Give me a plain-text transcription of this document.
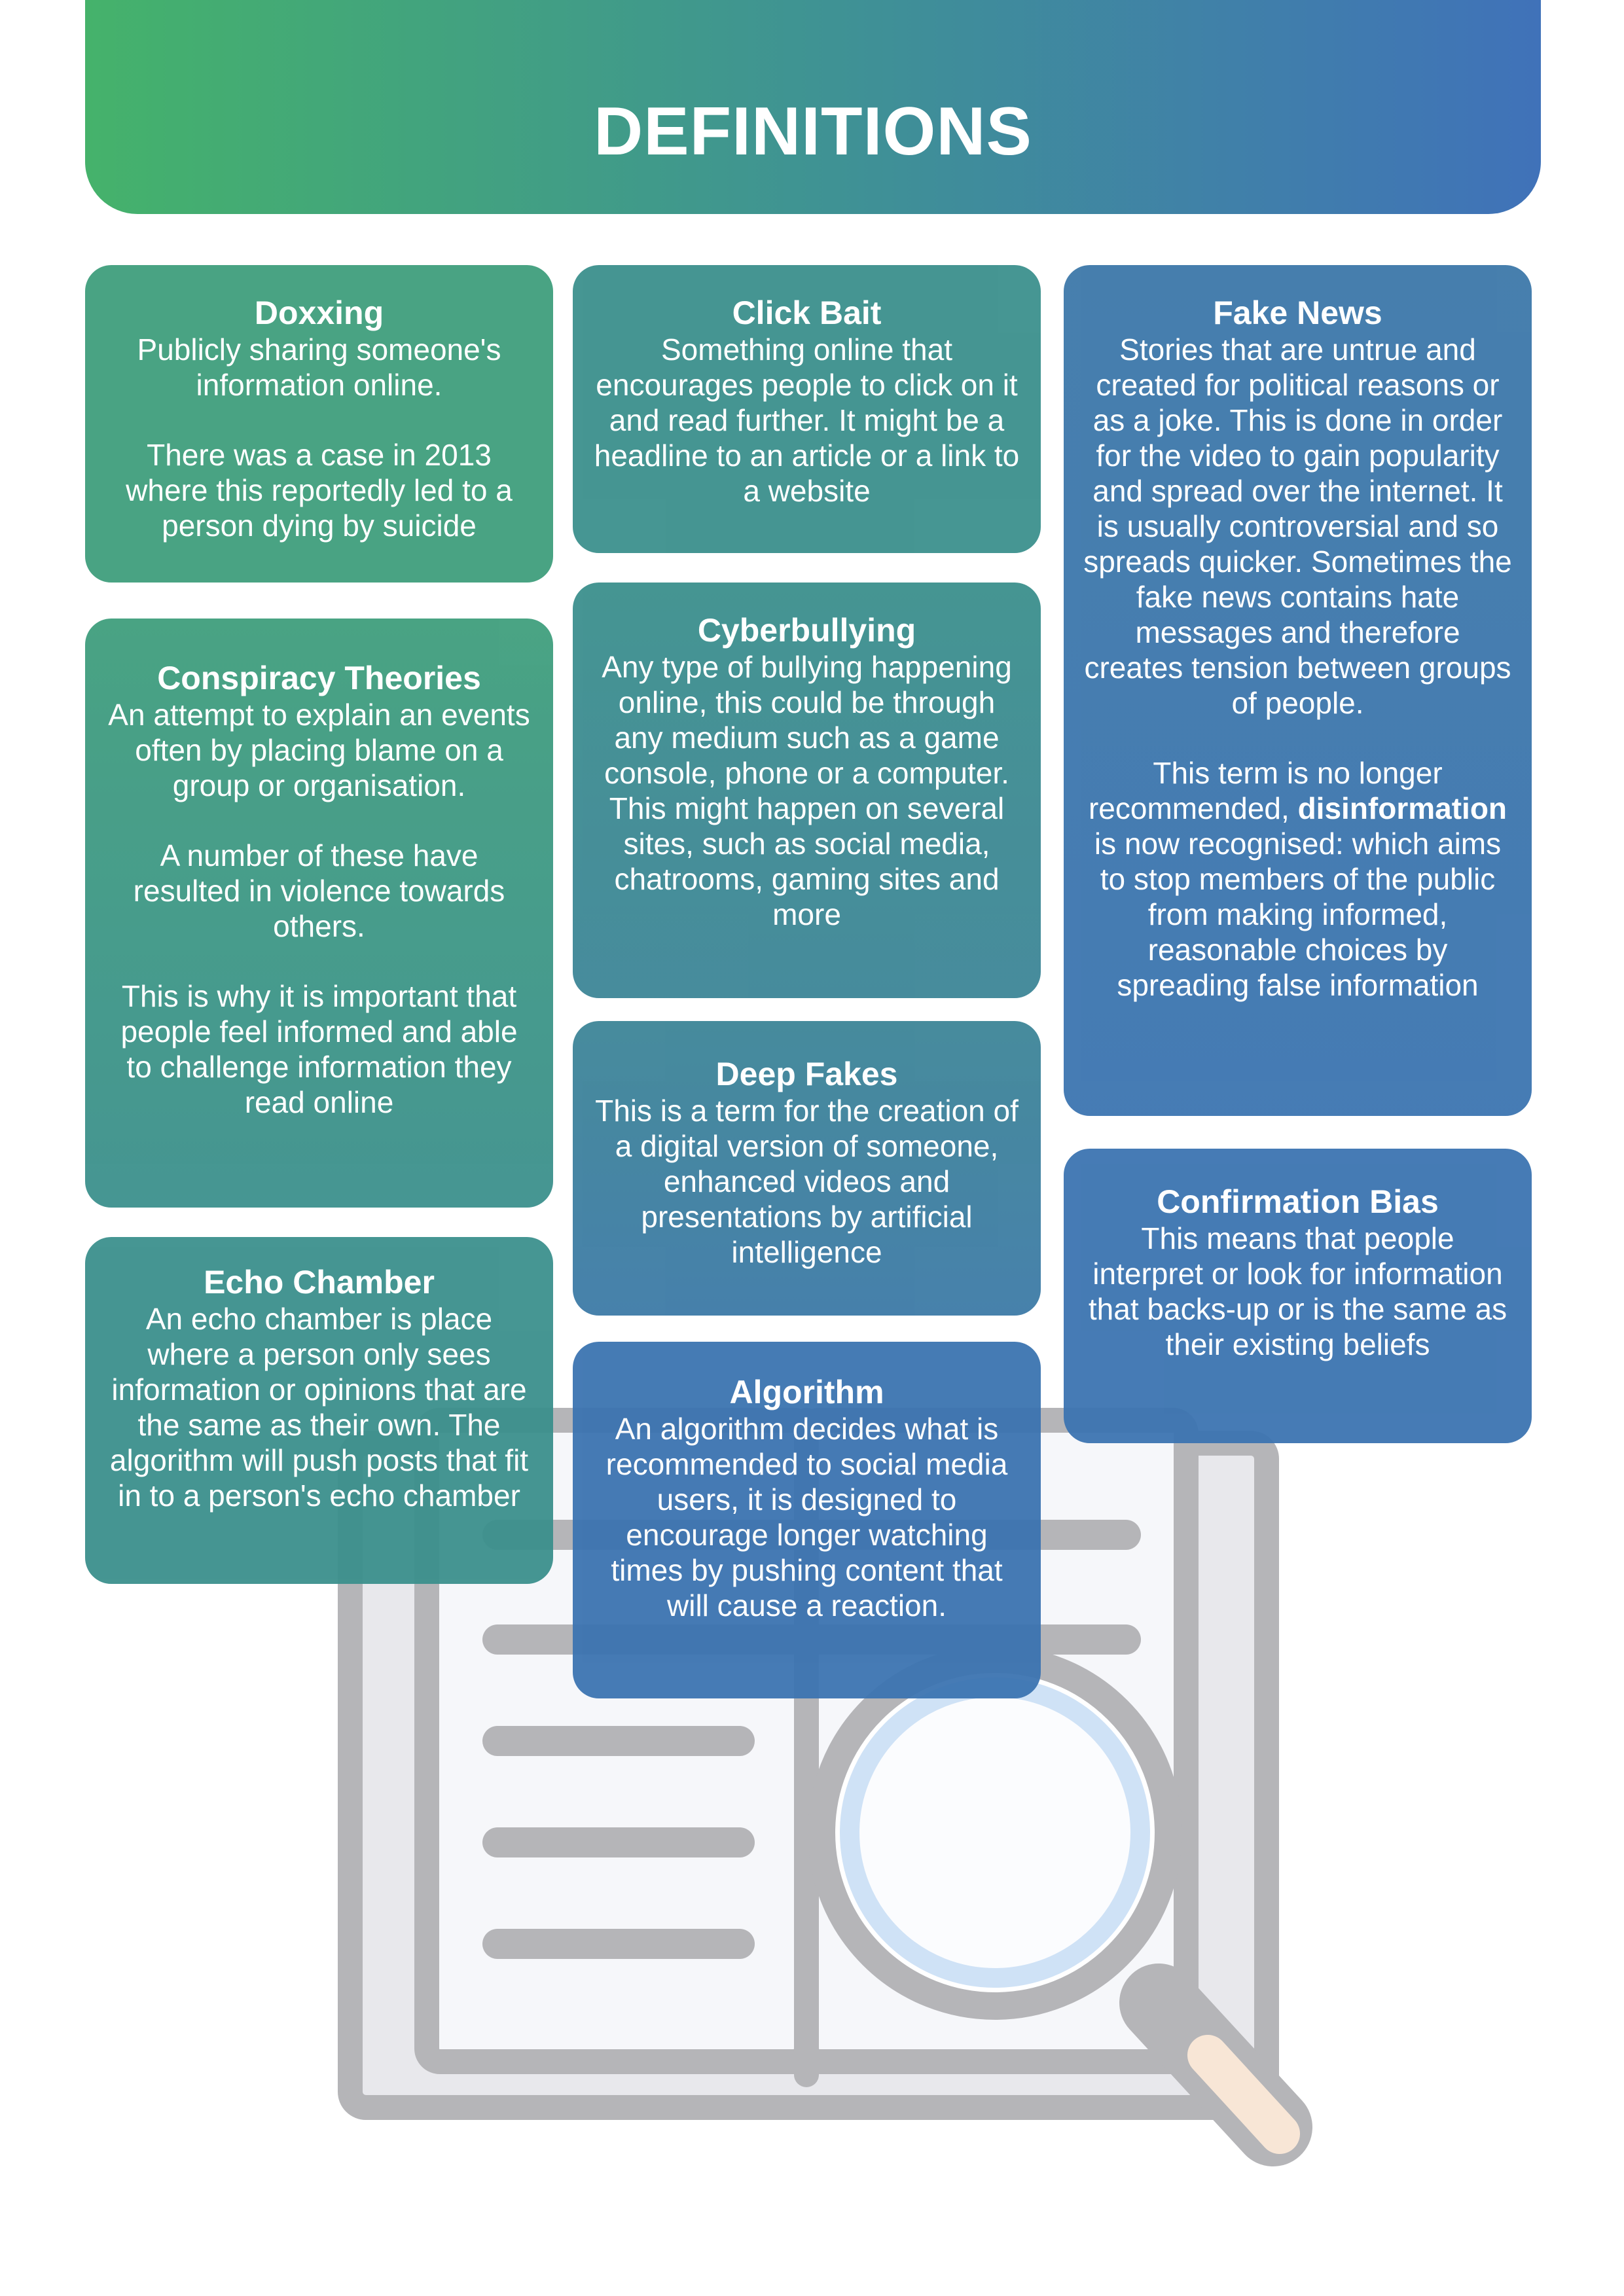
DEFINITIONS
Doxxing

Publicly sharing someone's information online.

There was a case in 2013 where this reportedly led to a person dying by suicide

Click Bait

Something online that encourages people to click on it and read further. It might be a headline to an article or a link to a website

Fake News

Stories that are untrue and created for political reasons or as a joke. This is done in order for the video to gain popularity and spread over the internet. It is usually controversial and so spreads quicker. Sometimes the fake news contains hate messages and therefore creates tension between groups of people.

This term is no longer recommended, disinformation is now recognised: which aims to stop members of the public from making informed, reasonable choices by spreading false information

Cyberbullying

Any type of bullying happening online, this could be through any medium such as a game console, phone or a computer. This might happen on several sites, such as social media, chatrooms, gaming sites and more

Conspiracy Theories

An attempt to explain an events often by placing blame on a group or organisation.

A number of these have resulted in violence towards others.

This is why it is important that people feel informed and able to challenge information they read online

Deep Fakes

This is a term for the creation of a digital version of someone, enhanced videos and presentations by artificial intelligence

Confirmation Bias

This means that people interpret or look for information that backs-up or is the same as their existing beliefs

Echo Chamber

An echo chamber is place where a person only sees information or opinions that are the same as their own. The algorithm will push posts that fit in to a person's echo chamber

Algorithm

An algorithm decides what is recommended to social media users, it is designed to encourage longer watching times by pushing content that will cause a reaction.
